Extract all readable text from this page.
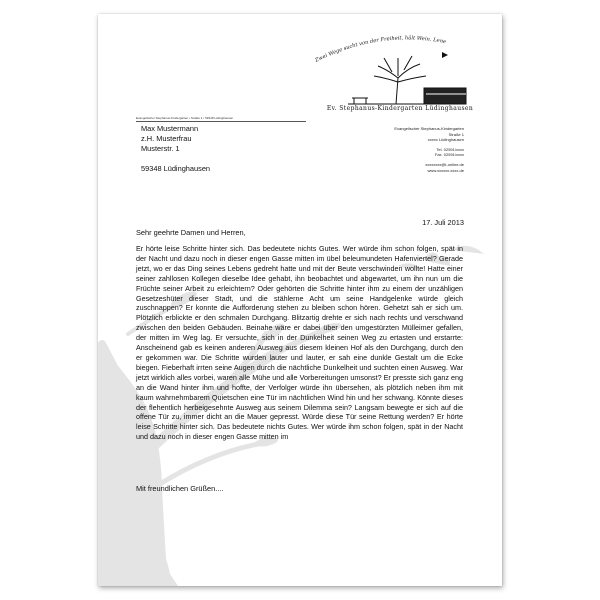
Zwei Wege sucht von der Freiheit, hält Wein. Lene
Ev. Stephanus-Kindergarten Lüdinghausen
Evangelischer Stephanus-Kindergarten • Straße 1 • 59348 Lüdinghausen
Max Mustermann
z.H. Musterfrau
Musterstr. 1
59348 Lüdinghausen
Evangelischer Stephanus-Kindergarten
Straße 1
xxxxx Lüdinghausen
Tel. 02591/xxxx
Fax. 02591/xxxx
xxxxxxxx@t-online.de
www.xxxxxx-xxxx.de
17. Juli 2013
Sehr geehrte Damen und Herren,
Er hörte leise Schritte hinter sich. Das bedeutete nichts Gutes. Wer würde ihm schon folgen, spät in der Nacht und dazu noch in dieser engen Gasse mitten im übel beleumundeten Hafenviertel? Gerade jetzt, wo er das Ding seines Lebens gedreht hatte und mit der Beute verschwinden wollte! Hatte einer seiner zahllosen Kollegen dieselbe Idee gehabt, ihn beobachtet und abgewartet, um ihn nun um die Früchte seiner Arbeit zu erleichtern? Oder gehörten die Schritte hinter ihm zu einem der unzähligen Gesetzeshüter dieser Stadt, und die stählerne Acht um seine Handgelenke würde gleich zuschnappen? Er konnte die Aufforderung stehen zu bleiben schon hören. Gehetzt sah er sich um. Plötzlich erblickte er den schmalen Durchgang. Blitzartig drehte er sich nach rechts und verschwand zwischen den beiden Gebäuden. Beinahe wäre er dabei über den umgestürzten Mülleimer gefallen, der mitten im Weg lag. Er versuchte, sich in der Dunkelheit seinen Weg zu ertasten und erstarrte: Anscheinend gab es keinen anderen Ausweg aus diesem kleinen Hof als den Durchgang, durch den er gekommen war. Die Schritte wurden lauter und lauter, er sah eine dunkle Gestalt um die Ecke biegen. Fieberhaft irrten seine Augen durch die nächtliche Dunkelheit und suchten einen Ausweg. War jetzt wirklich alles vorbei, waren alle Mühe und alle Vorbereitungen umsonst? Er presste sich ganz eng an die Wand hinter ihm und hoffte, der Verfolger würde ihn übersehen, als plötzlich neben ihm mit kaum wahrnehmbarem Quietschen eine Tür im nächtlichen Wind hin und her schwang. Könnte dieses der flehentlich herbeigesehnte Ausweg aus seinem Dilemma sein? Langsam bewegte er sich auf die offene Tür zu, immer dicht an die Mauer gepresst. Würde diese Tür seine Rettung werden? Er hörte leise Schritte hinter sich. Das bedeutete nichts Gutes. Wer würde ihm schon folgen, spät in der Nacht und dazu noch in dieser engen Gasse mitten im
Mit freundlichen Grüßen....
